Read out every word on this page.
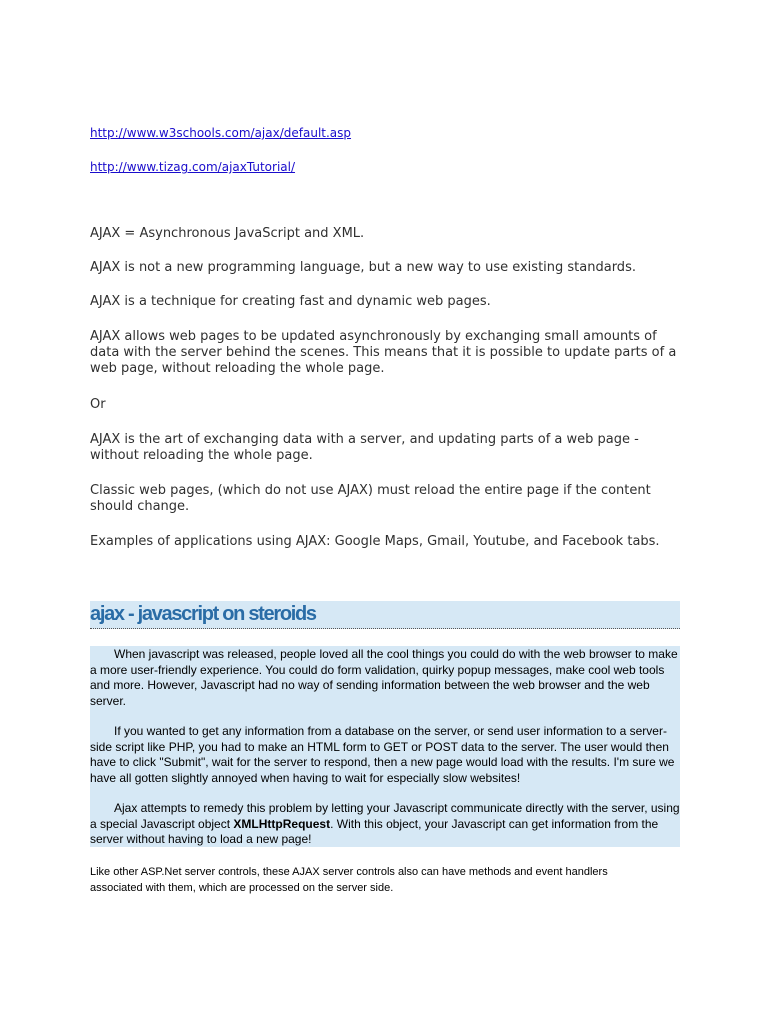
http://www.w3schools.com/ajax/default.asp
http://www.tizag.com/ajaxTutorial/

AJAX = Asynchronous JavaScript and XML.

AJAX is not a new programming language, but a new way to use existing standards.

AJAX is a technique for creating fast and dynamic web pages.

AJAX allows web pages to be updated asynchronously by exchanging small amounts of data with the server behind the scenes. This means that it is possible to update parts of a web page, without reloading the whole page.

Or

AJAX is the art of exchanging data with a server, and updating parts of a web page - without reloading the whole page.

Classic web pages, (which do not use AJAX) must reload the entire page if the content should change.

Examples of applications using AJAX: Google Maps, Gmail, Youtube, and Facebook tabs.

ajax - javascript on steroids

When javascript was released, people loved all the cool things you could do with the web browser to make a more user-friendly experience. You could do form validation, quirky popup messages, make cool web tools and more. However, Javascript had no way of sending information between the web browser and the web server.

If you wanted to get any information from a database on the server, or send user information to a server-side script like PHP, you had to make an HTML form to GET or POST data to the server. The user would then have to click "Submit", wait for the server to respond, then a new page would load with the results. I'm sure we have all gotten slightly annoyed when having to wait for especially slow websites!

Ajax attempts to remedy this problem by letting your Javascript communicate directly with the server, using a special Javascript object XMLHttpRequest. With this object, your Javascript can get information from the server without having to load a new page!

Like other ASP.Net server controls, these AJAX server controls also can have methods and event handlers associated with them, which are processed on the server side.
